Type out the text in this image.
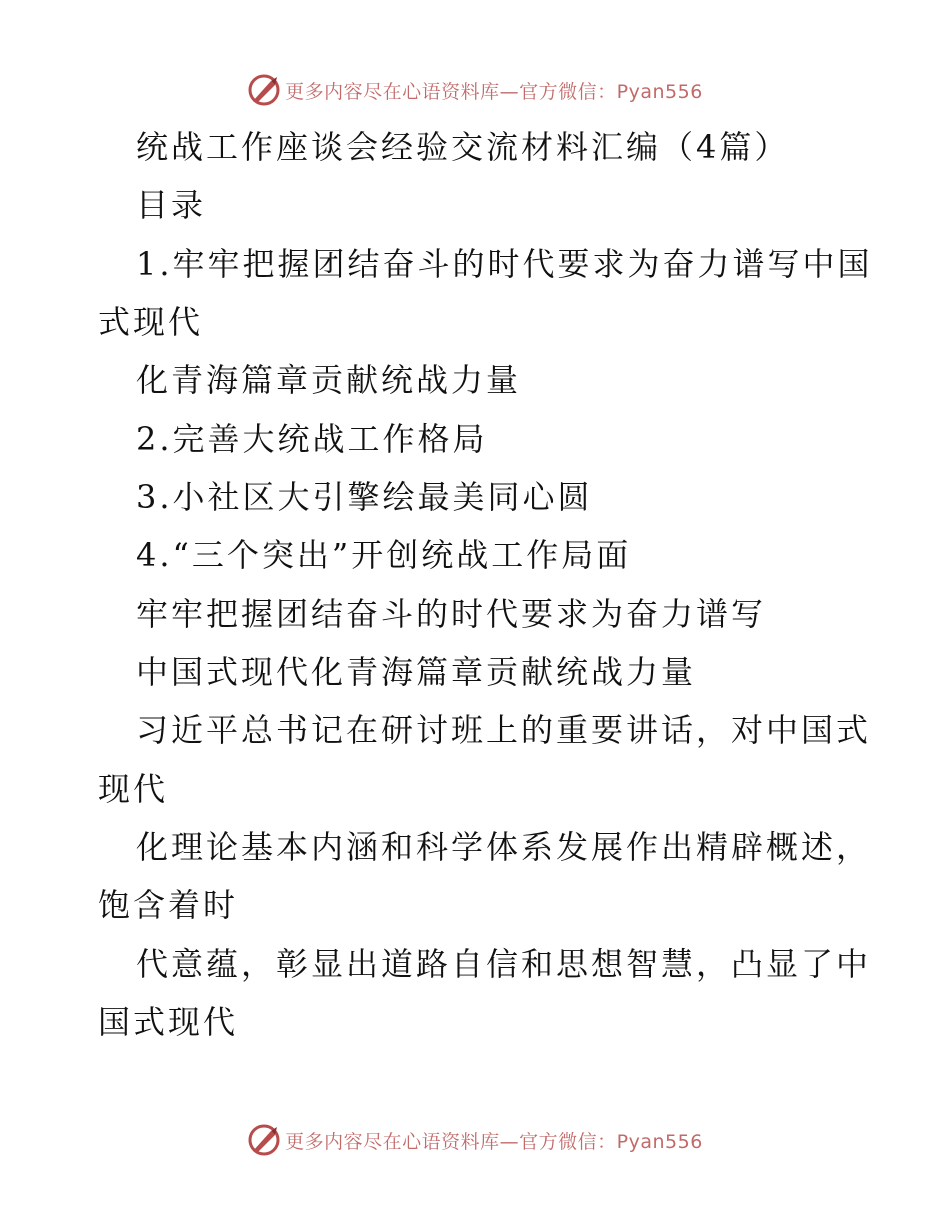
更多内容尽在心语资料库—官方微信：Pyan556
统战工作座谈会经验交流材料汇编（4篇）
目录
1.牢牢把握团结奋斗的时代要求为奋力谱写中国
式现代
化青海篇章贡献统战力量
2.完善大统战工作格局
3.小社区大引擎绘最美同心圆
4.“三个突出”开创统战工作局面
牢牢把握团结奋斗的时代要求为奋力谱写
中国式现代化青海篇章贡献统战力量
习近平总书记在研讨班上的重要讲话，对中国式
现代
化理论基本内涵和科学体系发展作出精辟概述，
饱含着时
代意蕴，彰显出道路自信和思想智慧，凸显了中
国式现代
更多内容尽在心语资料库—官方微信：Pyan556
